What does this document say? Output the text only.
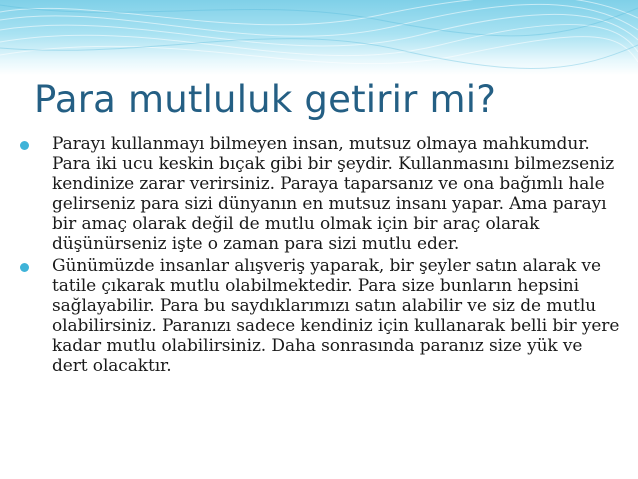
Para mutluluk getirir mi?
Parayı kullanmayı bilmeyen insan, mutsuz olmaya mahkumdur. Para iki ucu keskin bıçak gibi bir şeydir. Kullanmasını bilmezseniz kendinize zarar verirsiniz. Paraya taparsanız ve ona bağımlı hale gelirseniz para sizi dünyanın en mutsuz insanı yapar. Ama parayı bir amaç olarak değil de mutlu olmak için bir araç olarak düşünürseniz işte o zaman para sizi mutlu eder.
Günümüzde insanlar alışveriş yaparak, bir şeyler satın alarak ve tatile çıkarak mutlu olabilmektedir. Para size bunların hepsini sağlayabilir. Para bu saydıklarımızı satın alabilir ve siz de mutlu olabilirsiniz. Paranızı sadece kendiniz için kullanarak belli bir yere kadar mutlu olabilirsiniz. Daha sonrasında paranız size yük ve dert olacaktır.
